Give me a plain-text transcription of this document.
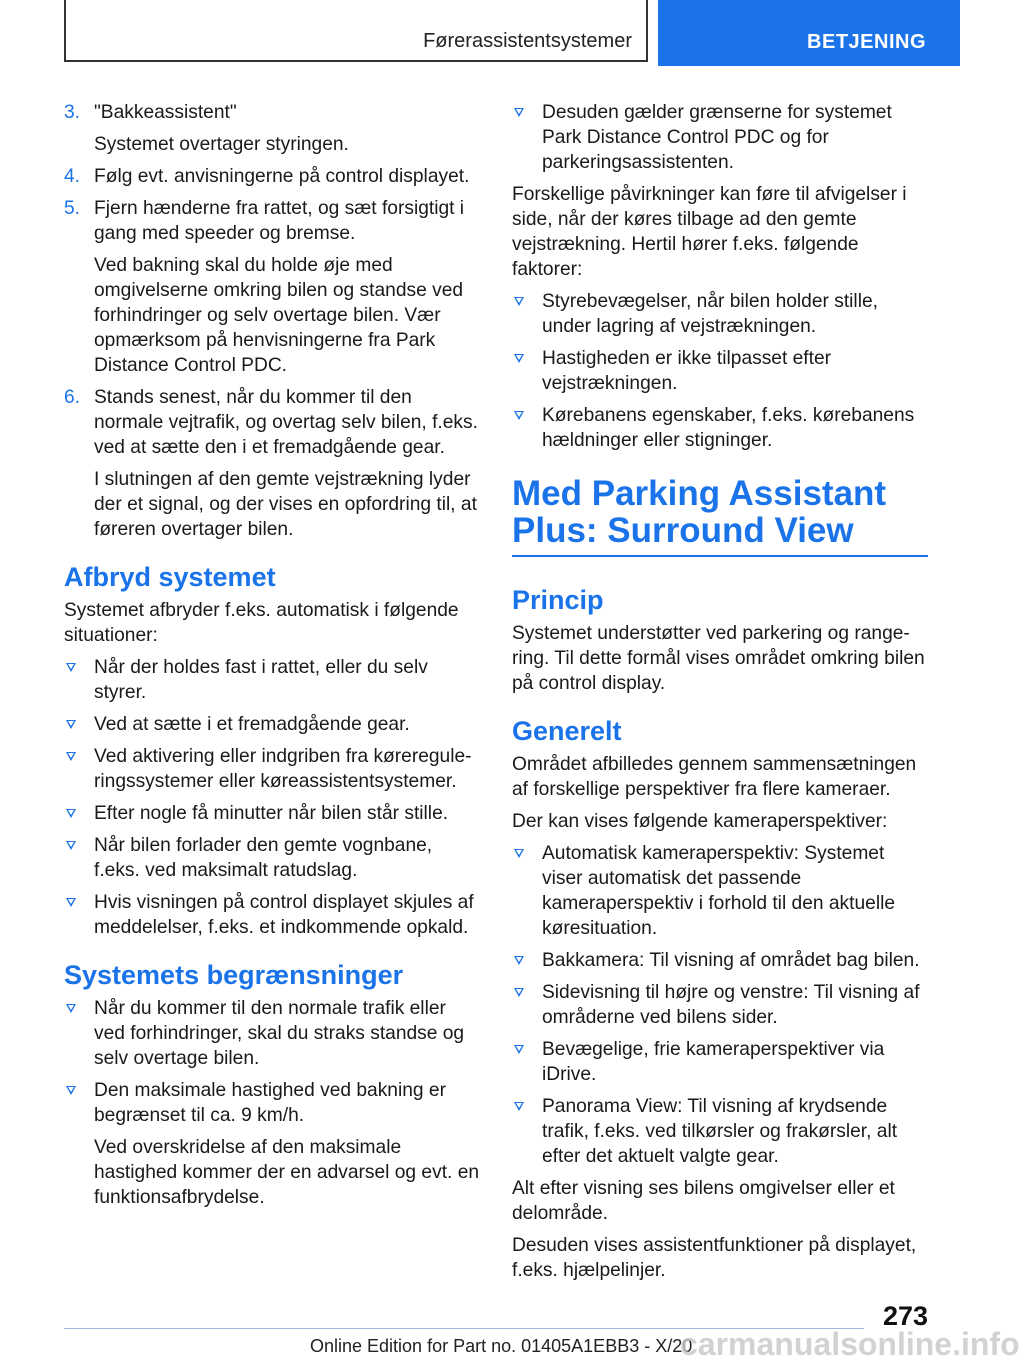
Førerassistentsystemer	BETJENING
3. "Bakkeassistent"

Systemet overtager styringen.

4. Følg evt. anvisningerne på control displayet.

5. Fjern hænderne fra rattet, og sæt forsigtigt i gang med speeder og bremse.

Ved bakning skal du holde øje med omgivelserne omkring bilen og standse ved forhindringer og selv overtage bilen. Vær opmærksom på henvisningerne fra Park Distance Control PDC.

6. Stands senest, når du kommer til den normale vejtrafik, og overtag selv bilen, f.eks. ved at sætte den i et fremadgående gear.

I slutningen af den gemte vejstrækning lyder der et signal, og der vises en opfordring til, at føreren overtager bilen.

Afbryd systemet

Systemet afbryder f.eks. automatisk i følgende situationer:

Når der holdes fast i rattet, eller du selv styrer.
Ved at sætte i et fremadgående gear.
Ved aktivering eller indgriben fra kørereguleringssystemer eller køreassistentsystemer.
Efter nogle få minutter når bilen står stille.
Når bilen forlader den gemte vognbane, f.eks. ved maksimalt ratudslag.
Hvis visningen på control displayet skjules af meddelelser, f.eks. et indkommende opkald.
Systemets begrænsninger
Når du kommer til den normale trafik eller ved forhindringer, skal du straks standse og selv overtage bilen.

Den maksimale hastighed ved bakning er begrænset til ca. 9 km/h.

Ved overskridelse af den maksimale hastighed kommer der en advarsel og evt. en funktionsafbrydelse.

Desuden gælder grænserne for systemet Park Distance Control PDC og for parkeringsassistenten.

Forskellige påvirkninger kan føre til afvigelser i side, når der køres tilbage ad den gemte vejstrækning. Hertil hører f.eks. følgende faktorer:

Styrebevægelser, når bilen holder stille, under lagring af vejstrækningen.
Hastigheden er ikke tilpasset efter vejstrækningen.
Kørebanens egenskaber, f.eks. kørebanens hældninger eller stigninger.
Med Parking Assistant Plus: Surround View
Princip

Systemet understøtter ved parkering og rangering. Til dette formål vises området omkring bilen på control display.

Generelt

Området afbilledes gennem sammensætningen af forskellige perspektiver fra flere kameraer.

Der kan vises følgende kameraperspektiver:

Automatisk kameraperspektiv: Systemet viser automatisk det passende kameraperspektiv i forhold til den aktuelle køresituation.
Bakkamera: Til visning af området bag bilen.
Sidevisning til højre og venstre: Til visning af områderne ved bilens sider.
Bevægelige, frie kameraperspektiver via iDrive.
Panorama View: Til visning af krydsende trafik, f.eks. ved tilkørsler og frakørsler, alt efter det aktuelt valgte gear.

Alt efter visning ses bilens omgivelser eller et delområde.

Desuden vises assistentfunktioner på displayet, f.eks. hjælpelinjer.

273
Online Edition for Part no. 01405A1EBB3 - X/20
carmanualsonline.info
